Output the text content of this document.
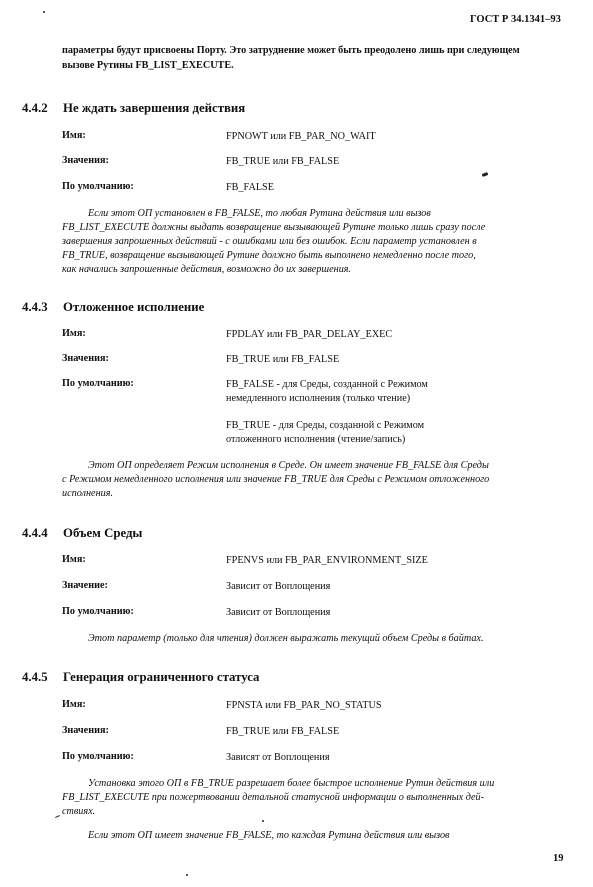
ГОСТ Р 34.1341–93
параметры будут присвоены Порту. Это затруднение может быть преодолено лишь при следующем
вызове Рутины FB_LIST_EXECUTE.
4.4.2 Не ждать завершения действия
Имя:	FPNOWT или FB_PAR_NO_WAIT
Значения:	FB_TRUE или FB_FALSE
По умолчанию:	FB_FALSE
Если этот ОП установлен в FB_FALSE, то любая Рутина действия или вызов
FB_LIST_EXECUTE должны выдать возвращение вызывающей Рутине только лишь сразу после
завершения запрошенных действий - с ошибками или без ошибок. Если параметр установлен в
FB_TRUE, возвращение вызывающей Рутине должно быть выполнено немедленно после того,
как начались запрошенные действия, возможно до их завершения.
4.4.3 Отложенное исполнение
Имя:	FPDLAY или FB_PAR_DELAY_EXEC
Значения:	FB_TRUE или FB_FALSE
По умолчанию:	FB_FALSE - для Среды, созданной с Режимом
немедленного исполнения (только чтение)
FB_TRUE - для Среды, созданной с Режимом
отложенного исполнения (чтение/запись)
Этот ОП определяет Режим исполнения в Среде. Он имеет значение FB_FALSE для Среды
с Режимом немедленного исполнения или значение FB_TRUE для Среды с Режимом отложенного
исполнения.
4.4.4 Объем Среды
Имя:	FPENVS или FB_PAR_ENVIRONMENT_SIZE
Значение:	Зависит от Воплощения
По умолчанию:	Зависит от Воплощения
Этот параметр (только для чтения) должен выражать текущий объем Среды в байтах.
4.4.5 Генерация ограниченного статуса
Имя:	FPNSTA или FB_PAR_NO_STATUS
Значения:	FB_TRUE или FB_FALSE
По умолчанию:	Зависят от Воплощения
Установка этого ОП в FB_TRUE разрешает более быстрое исполнение Рутин действия или
FB_LIST_EXECUTE при пожертвовании детальной статусной информации о выполненных дей-
ствиях.
Если этот ОП имеет значение FB_FALSE, то каждая Рутина действия или вызов
19
